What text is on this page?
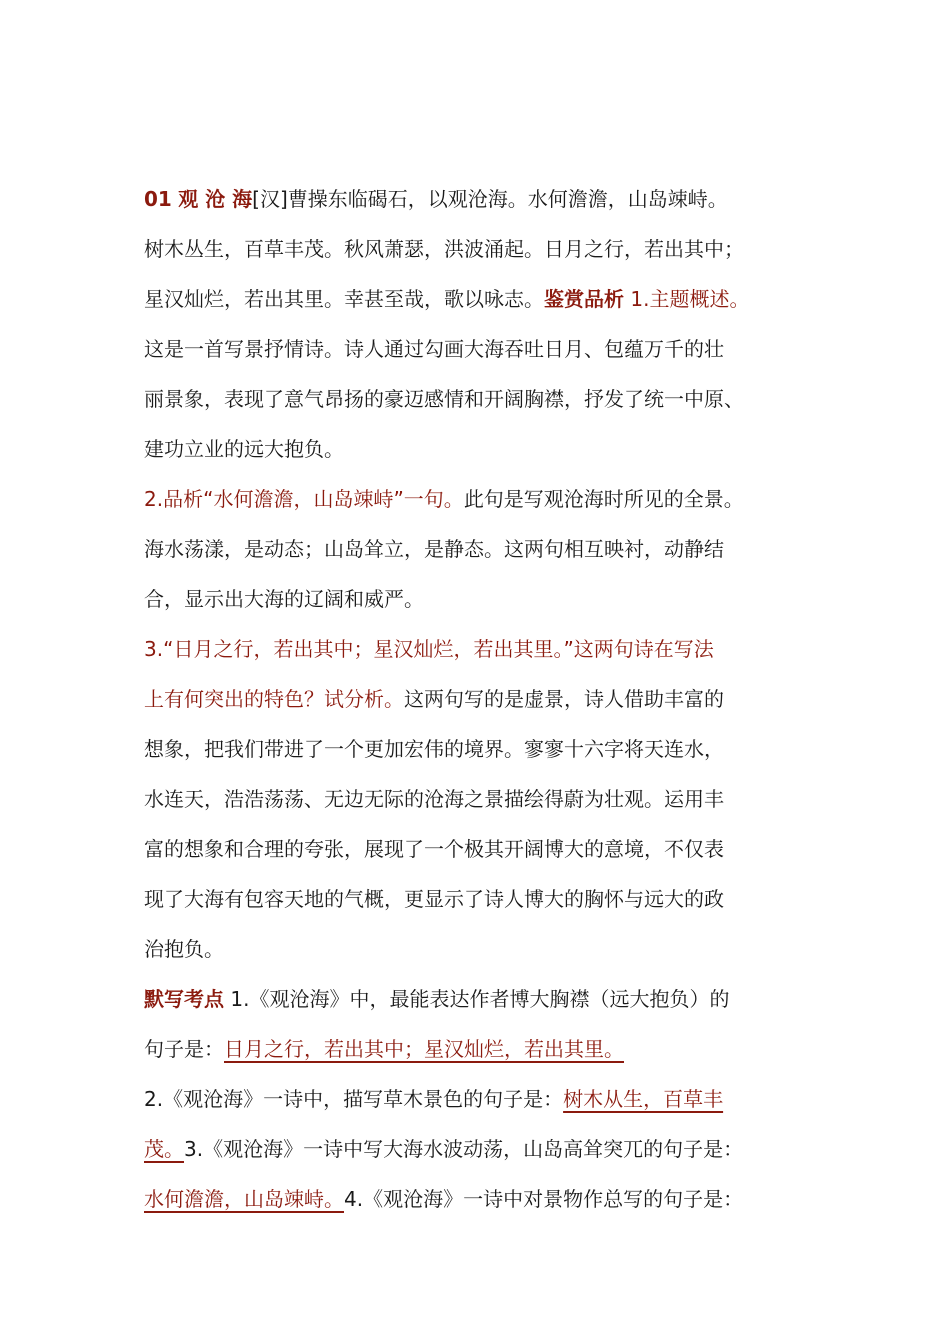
01 观 沧 海[汉]曹操东临碣石，以观沧海。水何澹澹，山岛竦峙。
树木丛生，百草丰茂。秋风萧瑟，洪波涌起。日月之行，若出其中；
星汉灿烂，若出其里。幸甚至哉，歌以咏志。鉴赏品析 1.主题概述。
这是一首写景抒情诗。诗人通过勾画大海吞吐日月、包蕴万千的壮
丽景象，表现了意气昂扬的豪迈感情和开阔胸襟，抒发了统一中原、
建功立业的远大抱负。
2.品析“水何澹澹，山岛竦峙”一句。此句是写观沧海时所见的全景。
海水荡漾，是动态；山岛耸立，是静态。这两句相互映衬，动静结
合，显示出大海的辽阔和威严。
3.“日月之行，若出其中；星汉灿烂，若出其里。”这两句诗在写法
上有何突出的特色？试分析。这两句写的是虚景，诗人借助丰富的
想象，把我们带进了一个更加宏伟的境界。寥寥十六字将天连水，
水连天，浩浩荡荡、无边无际的沧海之景描绘得蔚为壮观。运用丰
富的想象和合理的夸张，展现了一个极其开阔博大的意境，不仅表
现了大海有包容天地的气概，更显示了诗人博大的胸怀与远大的政
治抱负。
默写考点 1.《观沧海》中，最能表达作者博大胸襟（远大抱负）的
句子是：日月之行，若出其中；星汉灿烂，若出其里。
2.《观沧海》一诗中，描写草木景色的句子是：树木从生，百草丰
茂。3.《观沧海》一诗中写大海水波动荡，山岛高耸突兀的句子是：
水何澹澹，山岛竦峙。4.《观沧海》一诗中对景物作总写的句子是：
